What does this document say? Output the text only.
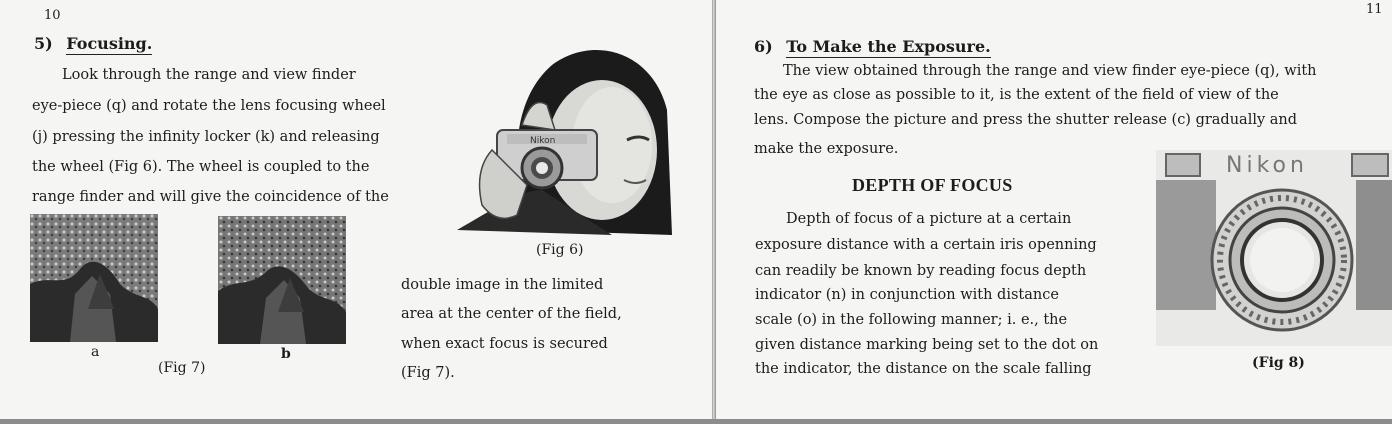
10
5) Focusing.
Look through the range and view finder
eye-piece (q) and rotate the lens focusing wheel
(j) pressing the infinity locker (k) and releasing
the wheel (Fig 6). The wheel is coupled to the
range finder and will give the coincidence of the
Nikon
(Fig 6)
a	b
(Fig 7)
double image in the limited
area at the center of the field,
when exact focus is secured
(Fig 7).
11
6) To Make the Exposure.
The view obtained through the range and view finder eye-piece (q), with
the eye as close as possible to it, is the extent of the field of view of the
lens. Compose the picture and press the shutter release (c) gradually and
make the exposure.
DEPTH OF FOCUS
Depth of focus of a picture at a certain
exposure distance with a certain iris openning
can readily be known by reading focus depth
indicator (n) in conjunction with distance
scale (o) in the following manner; i. e., the
given distance marking being set to the dot on
the indicator, the distance on the scale falling
Nikon
(Fig 8)
